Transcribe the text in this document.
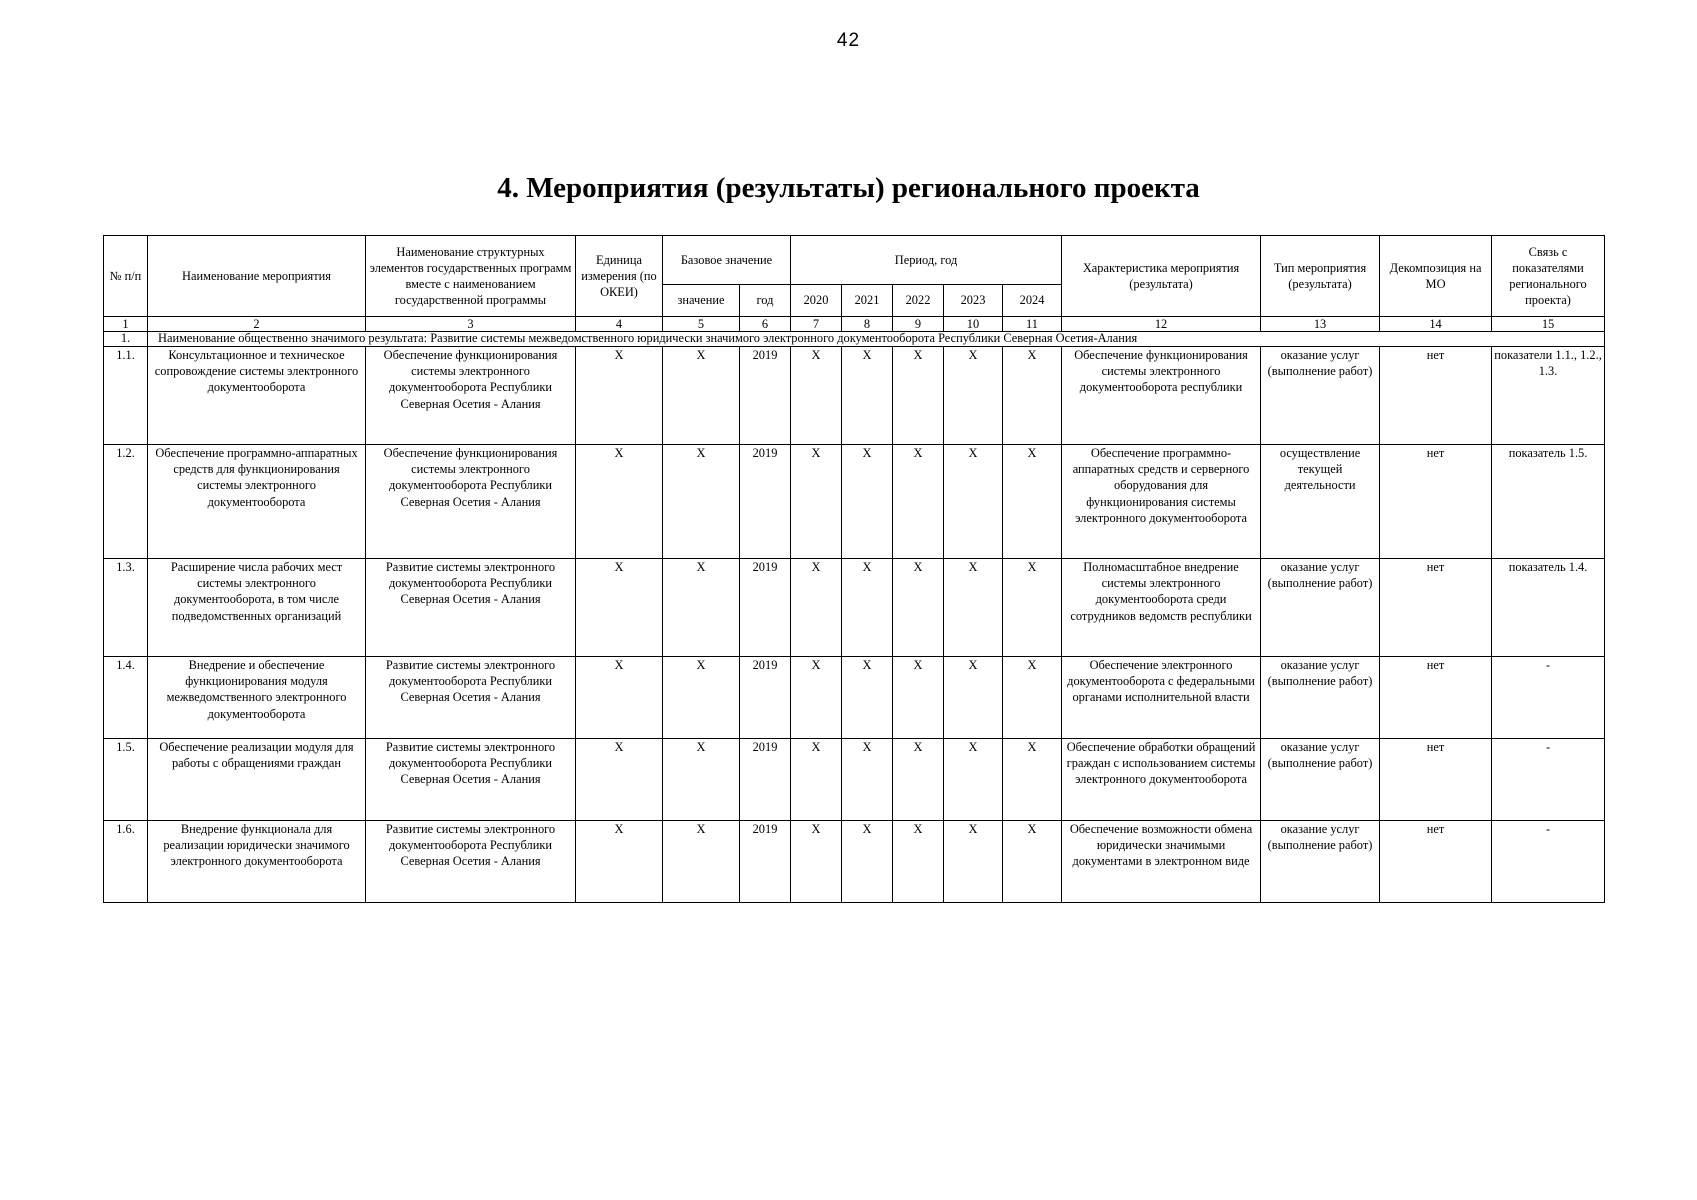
42
4. Мероприятия (результаты) регионального проекта
№ п/п	Наименование мероприятия	Наименование структурных элементов государственных программ вместе с наименованием государственной программы	Единица измерения (по ОКЕИ)	Базовое значение		Период, год					Характеристика мероприятия (результата)	Тип мероприятия (результата)	Декомпозиция на МО	Связь с показателями регионального проекта)
				значение	год	2020	2021	2022	2023	2024				
1	2	3	4	5	6	7	8	9	10	11	12	13	14	15
1.	Наименование общественно значимого результата: Развитие системы межведомственного юридически значимого электронного документооборота Республики Северная Осетия-Алания													
1.1.	Консультационное и техническое сопровождение системы электронного документооборота	Обеспечение функционирования системы электронного документооборота Республики Северная Осетия - Алания	X	X	2019	X	X	X	X	X	Обеспечение функционирования системы электронного документооборота республики	оказание услуг (выполнение работ)	нет	показатели 1.1., 1.2., 1.3.
1.2.	Обеспечение программно-аппаратных средств для функционирования системы электронного документооборота	Обеспечение функционирования системы электронного документооборота Республики Северная Осетия - Алания	X	X	2019	X	X	X	X	X	Обеспечение программно-аппаратных средств и серверного оборудования для функционирования системы электронного документооборота	осуществление текущей деятельности	нет	показатель 1.5.
1.3.	Расширение числа рабочих мест системы электронного документооборота, в том числе подведомственных организаций	Развитие системы электронного документооборота Республики Северная Осетия - Алания	X	X	2019	X	X	X	X	X	Полномасштабное внедрение системы электронного документооборота среди сотрудников ведомств республики	оказание услуг (выполнение работ)	нет	показатель 1.4.
1.4.	Внедрение и обеспечение функционирования модуля межведомственного электронного документооборота	Развитие системы электронного документооборота Республики Северная Осетия - Алания	X	X	2019	X	X	X	X	X	Обеспечение электронного документооборота с федеральными органами исполнительной власти	оказание услуг (выполнение работ)	нет	-
1.5.	Обеспечение реализации модуля для работы с обращениями граждан	Развитие системы электронного документооборота Республики Северная Осетия - Алания	X	X	2019	X	X	X	X	X	Обеспечение обработки обращений граждан с использованием системы электронного документооборота	оказание услуг (выполнение работ)	нет	-
1.6.	Внедрение функционала для реализации юридически значимого электронного документооборота	Развитие системы электронного документооборота Республики Северная Осетия - Алания	X	X	2019	X	X	X	X	X	Обеспечение возможности обмена юридически значимыми документами в электронном виде	оказание услуг (выполнение работ)	нет	-
